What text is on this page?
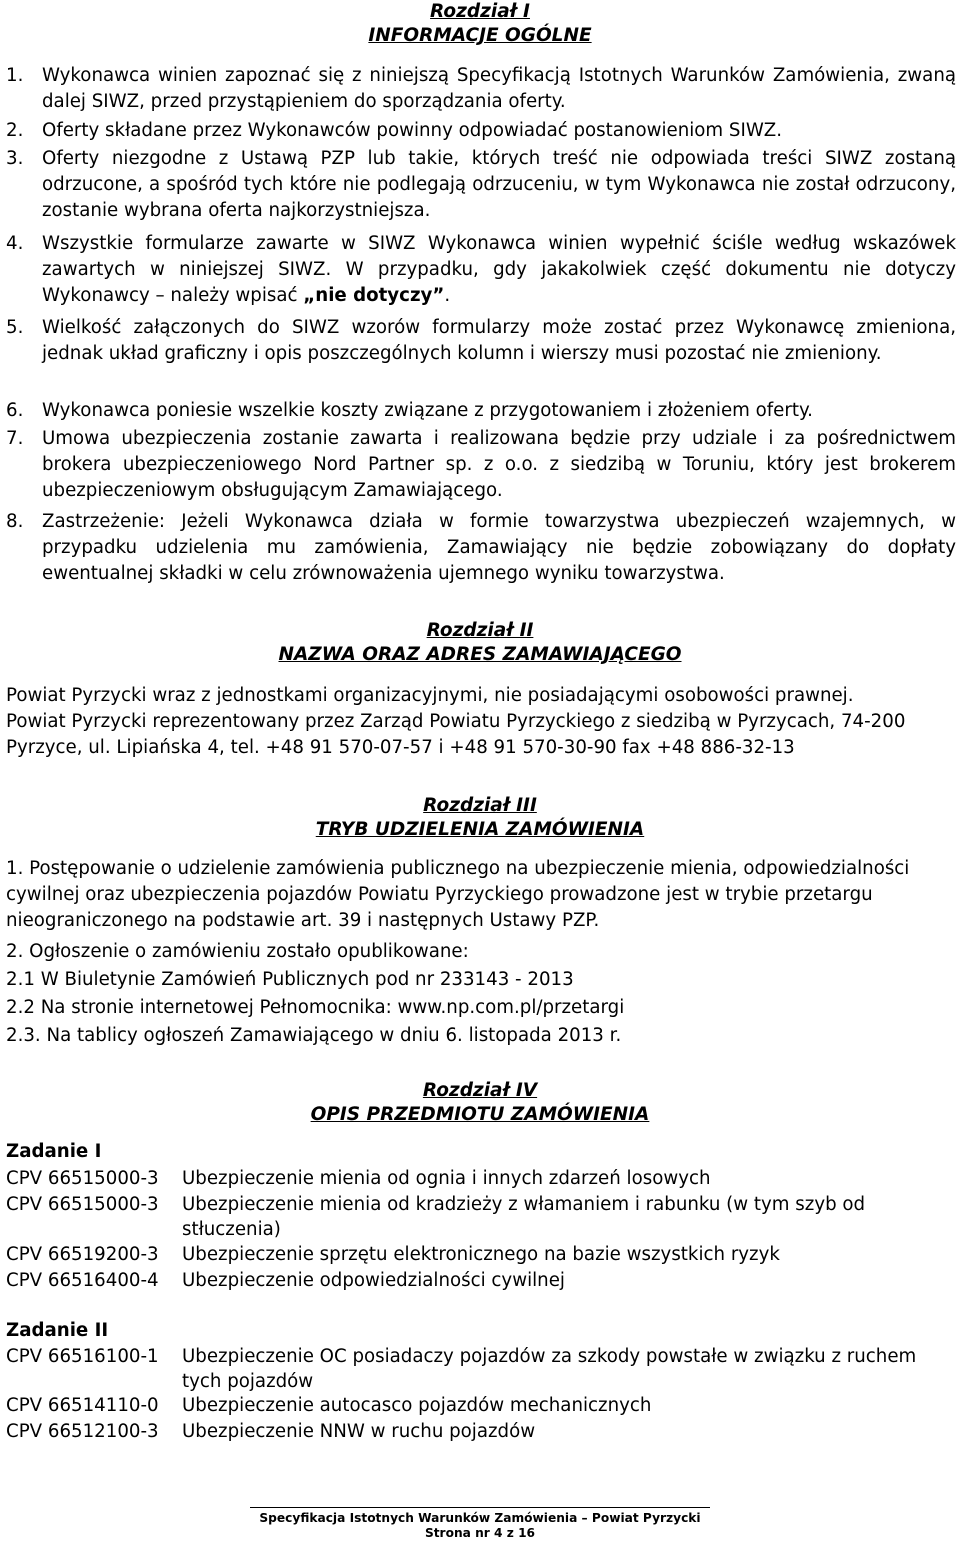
Rozdział I
INFORMACJE OGÓLNE
1. Wykonawca winien zapoznać się z niniejszą Specyfikacją Istotnych Warunków Zamówienia, zwaną dalej SIWZ, przed przystąpieniem do sporządzania oferty.
2. Oferty składane przez Wykonawców powinny odpowiadać postanowieniom SIWZ.
3. Oferty niezgodne z Ustawą PZP lub takie, których treść nie odpowiada treści SIWZ zostaną odrzucone, a spośród tych które nie podlegają odrzuceniu, w tym Wykonawca nie został odrzucony, zostanie wybrana oferta najkorzystniejsza.
4. Wszystkie formularze zawarte w SIWZ Wykonawca winien wypełnić ściśle według wskazówek zawartych w niniejszej SIWZ. W przypadku, gdy jakakolwiek część dokumentu nie dotyczy Wykonawcy – należy wpisać „nie dotyczy”.
5. Wielkość załączonych do SIWZ wzorów formularzy może zostać przez Wykonawcę zmieniona, jednak układ graficzny i opis poszczególnych kolumn i wierszy musi pozostać nie zmieniony.
6. Wykonawca poniesie wszelkie koszty związane z przygotowaniem i złożeniem oferty.
7. Umowa ubezpieczenia zostanie zawarta i realizowana będzie przy udziale i za pośrednictwem brokera ubezpieczeniowego Nord Partner sp. z o.o. z siedzibą w Toruniu, który jest brokerem ubezpieczeniowym obsługującym Zamawiającego.
8. Zastrzeżenie: Jeżeli Wykonawca działa w formie towarzystwa ubezpieczeń wzajemnych, w przypadku udzielenia mu zamówienia, Zamawiający nie będzie zobowiązany do dopłaty ewentualnej składki w celu zrównoważenia ujemnego wyniku towarzystwa.
Rozdział II
NAZWA ORAZ ADRES ZAMAWIAJĄCEGO
Powiat Pyrzycki wraz z jednostkami organizacyjnymi, nie posiadającymi osobowości prawnej.
Powiat Pyrzycki reprezentowany przez Zarząd Powiatu Pyrzyckiego z siedzibą w Pyrzycach, 74-200 Pyrzyce, ul. Lipiańska 4, tel. +48 91 570-07-57 i +48 91 570-30-90 fax +48 886-32-13
Rozdział III
TRYB UDZIELENIA ZAMÓWIENIA
1. Postępowanie o udzielenie zamówienia publicznego na ubezpieczenie mienia, odpowiedzialności cywilnej oraz ubezpieczenia pojazdów Powiatu Pyrzyckiego prowadzone jest w trybie przetargu nieograniczonego na podstawie art. 39 i następnych Ustawy PZP.
2. Ogłoszenie o zamówieniu zostało opublikowane:
2.1 W Biuletynie Zamówień Publicznych pod nr 233143 - 2013
2.2 Na stronie internetowej Pełnomocnika: www.np.com.pl/przetargi
2.3. Na tablicy ogłoszeń Zamawiającego w dniu 6. listopada 2013 r.
Rozdział IV
OPIS PRZEDMIOTU ZAMÓWIENIA
Zadanie I
CPV 66515000-3 Ubezpieczenie mienia od ognia i innych zdarzeń losowych
CPV 66515000-3 Ubezpieczenie mienia od kradzieży z włamaniem i rabunku (w tym szyb od stłuczenia)
CPV 66519200-3 Ubezpieczenie sprzętu elektronicznego na bazie wszystkich ryzyk
CPV 66516400-4 Ubezpieczenie odpowiedzialności cywilnej
Zadanie II
CPV 66516100-1 Ubezpieczenie OC posiadaczy pojazdów za szkody powstałe w związku z ruchem tych pojazdów
CPV 66514110-0 Ubezpieczenie autocasco pojazdów mechanicznych
CPV 66512100-3 Ubezpieczenie NNW w ruchu pojazdów
Specyfikacja Istotnych Warunków Zamówienia – Powiat Pyrzycki
Strona nr 4 z 16
